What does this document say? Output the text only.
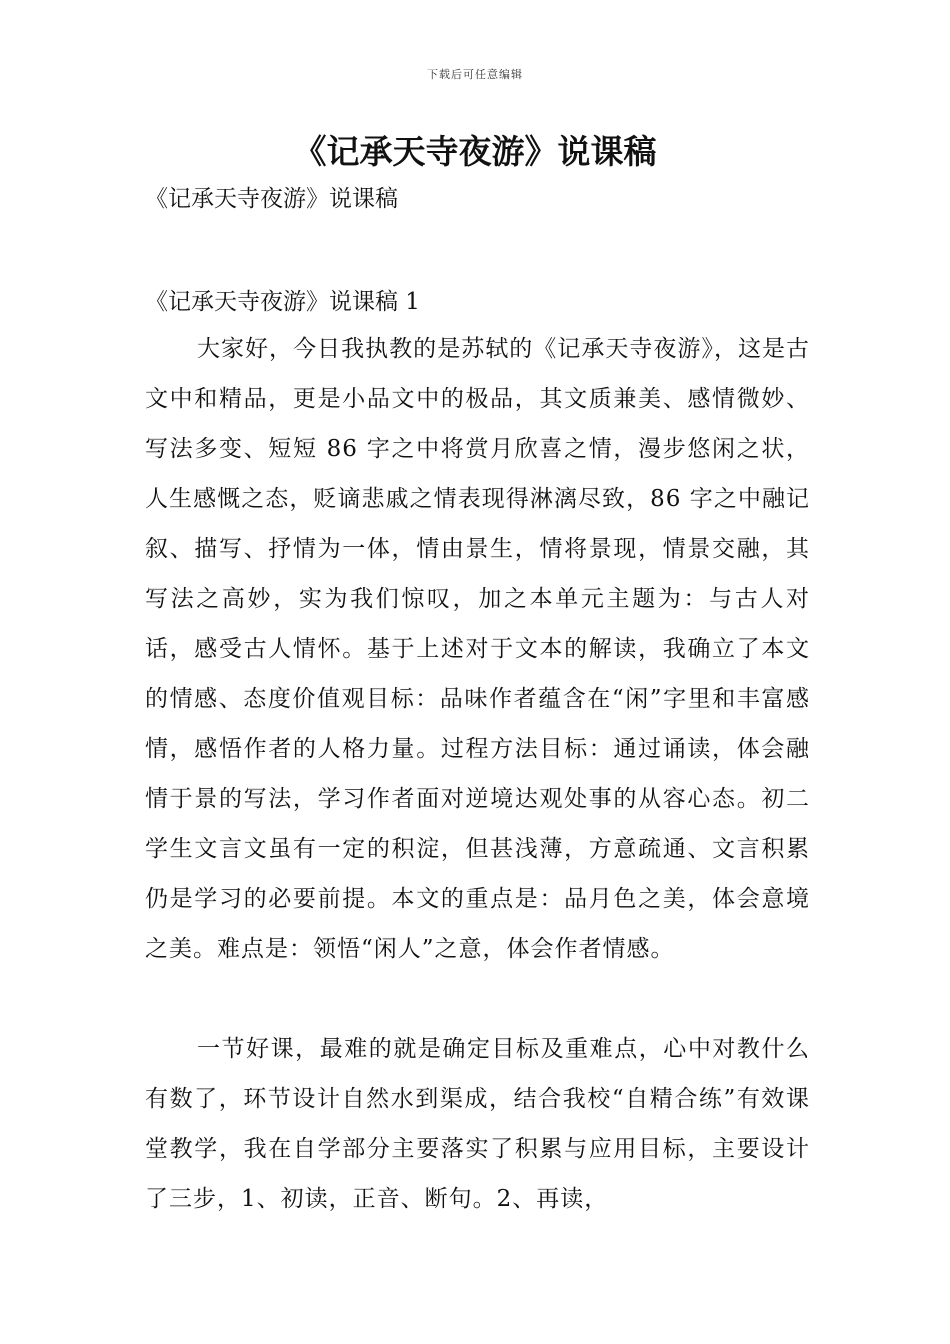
下载后可任意编辑
《记承天寺夜游》说课稿

《记承天寺夜游》说课稿

《记承天寺夜游》说课稿 1

大家好，今日我执教的是苏轼的《记承天寺夜游》，这是古文中和精品，更是小品文中的极品，其文质兼美、感情微妙、写法多变、短短 86 字之中将赏月欣喜之情，漫步悠闲之状，人生感慨之态，贬谪悲戚之情表现得淋漓尽致，86 字之中融记叙、描写、抒情为一体，情由景生，情将景现，情景交融，其写法之高妙，实为我们惊叹，加之本单元主题为：与古人对话，感受古人情怀。基于上述对于文本的解读，我确立了本文的情感、态度价值观目标：品味作者蕴含在“闲”字里和丰富感情，感悟作者的人格力量。过程方法目标：通过诵读，体会融情于景的写法，学习作者面对逆境达观处事的从容心态。初二学生文言文虽有一定的积淀，但甚浅薄，方意疏通、文言积累仍是学习的必要前提。本文的重点是：品月色之美，体会意境之美。难点是：领悟“闲人”之意，体会作者情感。

一节好课，最难的就是确定目标及重难点，心中对教什么有数了，环节设计自然水到渠成，结合我校“自精合练”有效课堂教学，我在自学部分主要落实了积累与应用目标，主要设计了三步，1、初读，正音、断句。2、再读，
